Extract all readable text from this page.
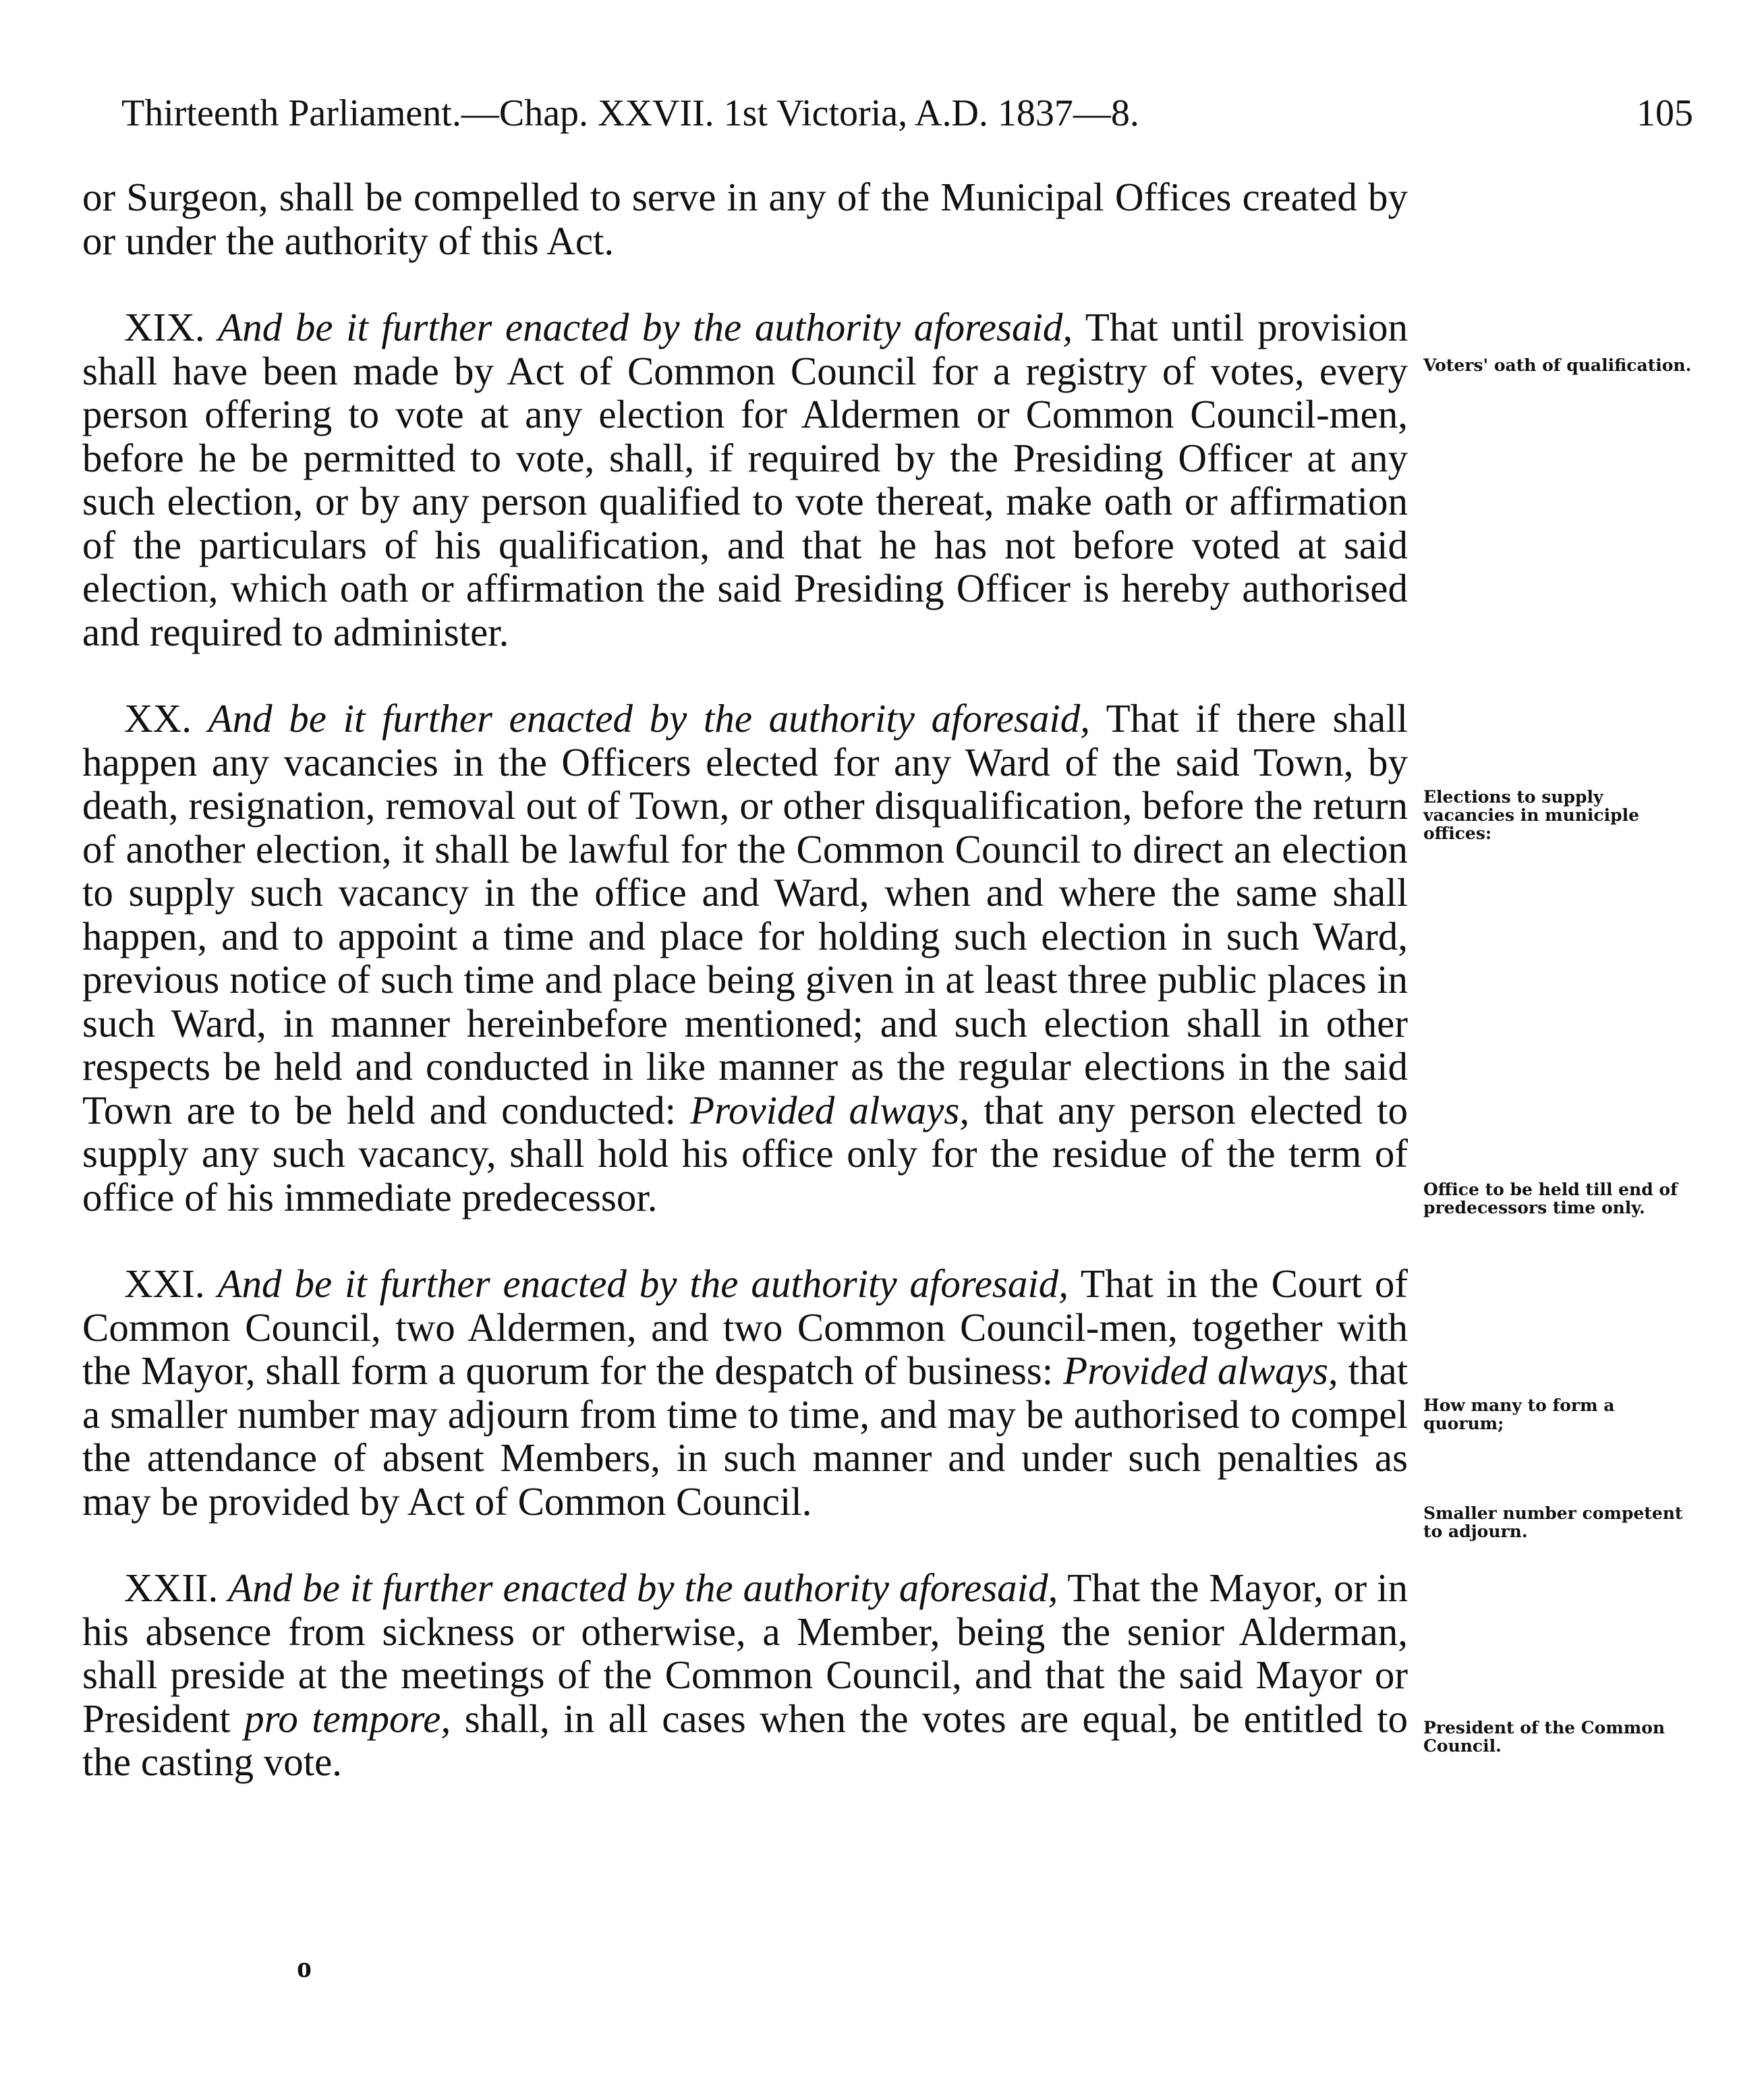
Thirteenth Parliament.—Chap. XXVII. 1st Victoria, A.D. 1837—8.	105

or Surgeon, shall be compelled to serve in any of the Municipal Offices created by or under the authority of this Act.

XIX. And be it further enacted by the authority aforesaid, That until provision shall have been made by Act of Common Council for a registry of votes, every person offering to vote at any election for Aldermen or Common Council-men, before he be permitted to vote, shall, if required by the Presiding Officer at any such election, or by any person qualified to vote thereat, make oath or affirmation of the particulars of his qualification, and that he has not before voted at said election, which oath or affirmation the said Presiding Officer is hereby authorised and required to administer.

XX. And be it further enacted by the authority aforesaid, That if there shall happen any vacancies in the Officers elected for any Ward of the said Town, by death, resignation, removal out of Town, or other disqualification, before the return of another election, it shall be lawful for the Common Council to direct an election to supply such vacancy in the office and Ward, when and where the same shall happen, and to appoint a time and place for holding such election in such Ward, previous notice of such time and place being given in at least three public places in such Ward, in manner hereinbefore mentioned; and such election shall in other respects be held and conducted in like manner as the regular elections in the said Town are to be held and conducted: Provided always, that any person elected to supply any such vacancy, shall hold his office only for the residue of the term of office of his immediate predecessor.

XXI. And be it further enacted by the authority aforesaid, That in the Court of Common Council, two Aldermen, and two Common Council-men, together with the Mayor, shall form a quorum for the despatch of business: Provided always, that a smaller number may adjourn from time to time, and may be authorised to compel the attendance of absent Members, in such manner and under such penalties as may be provided by Act of Common Council.

XXII. And be it further enacted by the authority aforesaid, That the Mayor, or in his absence from sickness or otherwise, a Member, being the senior Alderman, shall preside at the meetings of the Common Council, and that the said Mayor or President pro tempore, shall, in all cases when the votes are equal, be entitled to the casting vote.

Voters' oath of qualification.
Elections to supply vacancies in municiple offices:
Office to be held till end of predecessors time only.
How many to form a quorum;
Smaller number competent to adjourn.
President of the Common Council.
o
